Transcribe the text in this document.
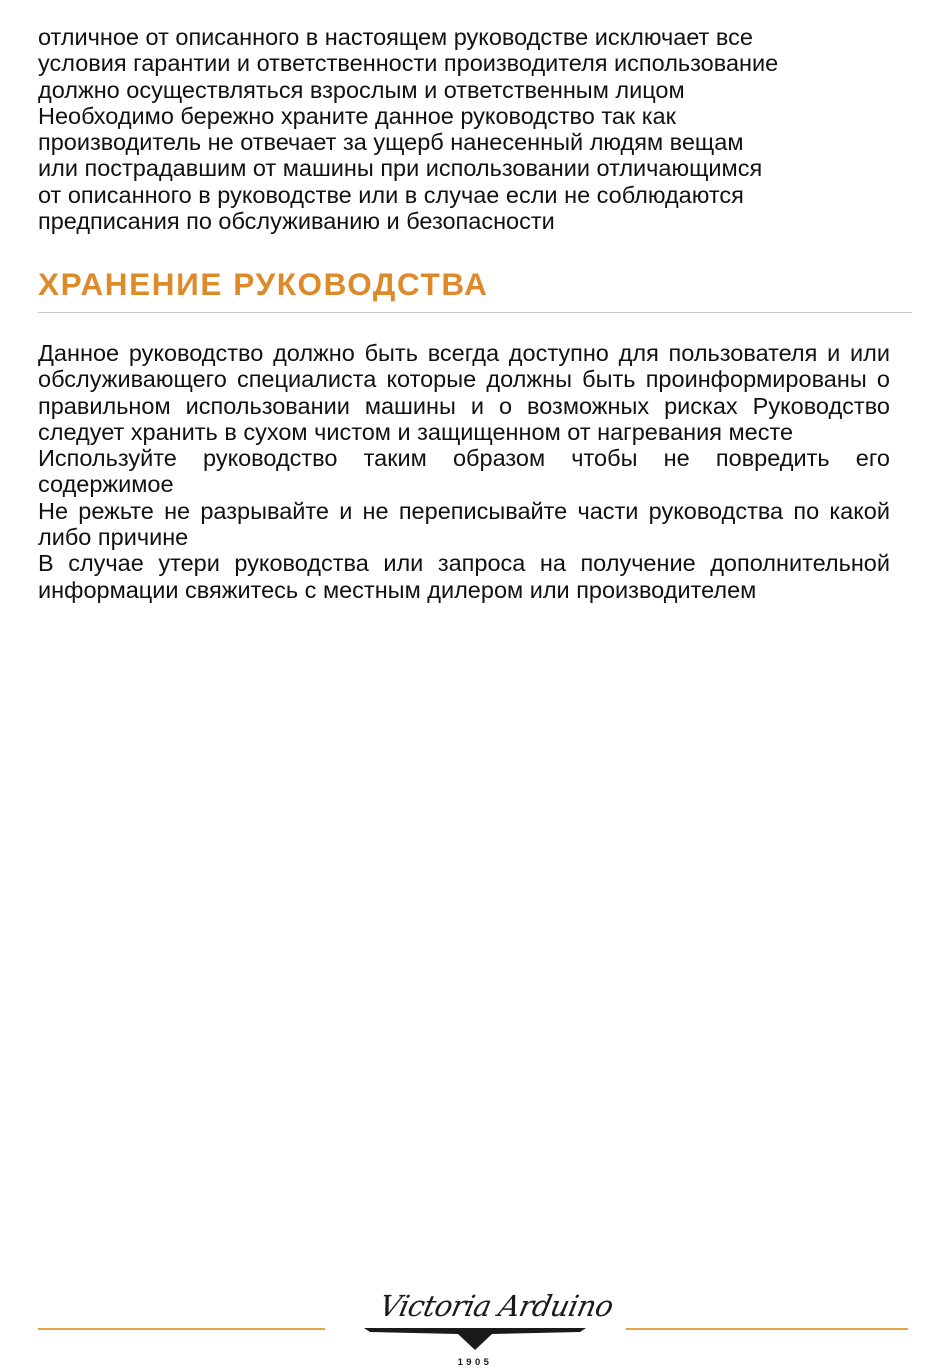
отличное от описанного в настоящем руководстве исключает все
условия гарантии и ответственности производителя использование
должно осуществляться взрослым и ответственным лицом

Необходимо бережно храните данное руководство так как
производитель не отвечает за ущерб нанесенный людям вещам
или пострадавшим от машины при использовании отличающимся
от описанного в руководстве или в случае если не соблюдаются
предписания по обслуживанию и безопасности

ХРАНЕНИЕ РУКОВОДСТВА

Данное руководство должно быть всегда доступно для пользователя и или обслуживающего специалиста которые должны быть проинформированы о правильном использовании машины и о возможных рисках Руководство следует хранить в сухом чистом и защищенном от нагревания месте

Используйте руководство таким образом чтобы не повредить его содержимое

Не режьте не разрывайте и не переписывайте части руководства по какой либо причине

В случае утери руководства или запроса на получение дополнительной информации свяжитесь с местным дилером или производителем

Victoria Arduino
1905
